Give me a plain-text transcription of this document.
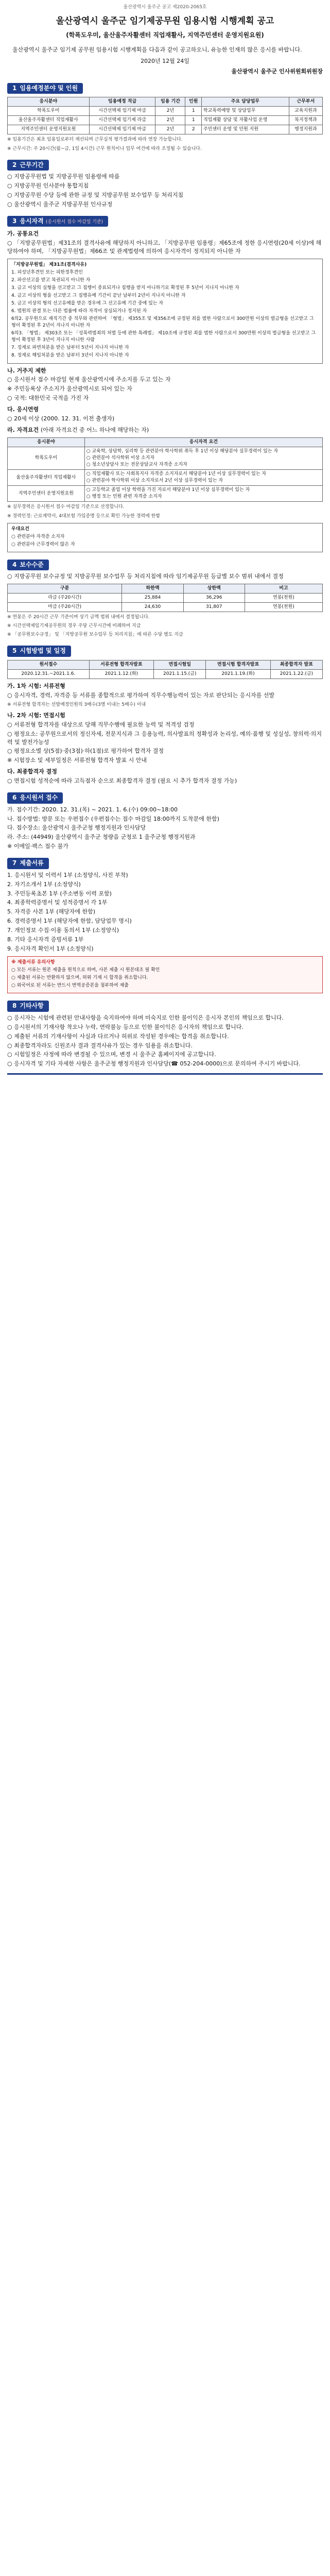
울산광역시 울주군 공고 제2020-2065호
울산광역시 울주군 임기제공무원 임용시험 시행계획 공고
(학폭도우미, 울산울주자활센터 직업재활사, 지역주민센터 운영지원요원)
울산광역시 울주군 임기제 공무원 임용시험 시행계획을 다음과 같이 공고하오니, 유능한 인재의 많은 응시를 바랍니다.
2020년 12월 24일
울산광역시 울주군 인사위원회위원장
1 임용예정분야 및 인원
응시분야	임용예정 직급	임용 기간	인원	주요 담당업무	근무부서
학폭도우미	시간선택제 임기제 마급	2년	1	학교폭력예방 및 상담업무	교육지원과
울산울주자활센터 직업재활사	시간선택제 임기제 라급	2년	1	직업재활 상담 및 자활사업 운영	복지정책과
지역주민센터 운영지원요원	시간선택제 임기제 마급	2년	2	주민센터 운영 및 민원 지원	행정지원과
※ 임용기간은 최초 임용일로부터 계산되며 근무실적 평가결과에 따라 연장 가능합니다.
※ 근무시간: 주 20시간(월~금, 1일 4시간) 근무 원칙이나 업무 여건에 따라 조정될 수 있습니다.
2 근무기간
○ 지방공무원법 및 지방공무원 임용령에 따름
○ 지방공무원 인사분야 통합지침
○ 지방공무원 수당 등에 관한 규정 및 지방공무원 보수업무 등 처리지침
○ 울산광역시 울주군 지방공무원 인사규정
3 응시자격 (응시원서 접수 마감일 기준)
가. 공통요건
○ 「지방공무원법」제31조의 결격사유에 해당하지 아니하고, 「지방공무원 임용령」제65조에 정한 응시연령(20세 이상)에 해당하여야 하며, 「지방공무원법」제66조 및 관계법령에 의하여 응시자격이 정지되지 아니한 자
「지방공무원법」 제31조(결격사유)
1. 피성년후견인 또는 피한정후견인
2. 파산선고를 받고 복권되지 아니한 자
3. 금고 이상의 실형을 선고받고 그 집행이 종료되거나 집행을 받지 아니하기로 확정된 후 5년이 지나지 아니한 자
4. 금고 이상의 형을 선고받고 그 집행유예 기간이 끝난 날부터 2년이 지나지 아니한 자
5. 금고 이상의 형의 선고유예를 받은 경우에 그 선고유예 기간 중에 있는 자
6. 법원의 판결 또는 다른 법률에 따라 자격이 상실되거나 정지된 자
6의2. 공무원으로 재직기간 중 직무와 관련하여 「형법」 제355조 및 제356조에 규정된 죄를 범한 사람으로서 300만원 이상의 벌금형을 선고받고 그 형이 확정된 후 2년이 지나지 아니한 자
6의3. 「형법」 제303조 또는 「성폭력범죄의 처벌 등에 관한 특례법」 제10조에 규정된 죄를 범한 사람으로서 300만원 이상의 벌금형을 선고받고 그 형이 확정된 후 3년이 지나지 아니한 사람
7. 징계로 파면처분을 받은 날부터 5년이 지나지 아니한 자
8. 징계로 해임처분을 받은 날부터 3년이 지나지 아니한 자
나. 거주지 제한
○ 응시원서 접수 마감일 현재 울산광역시에 주소지를 두고 있는 자
※ 주민등록상 주소지가 울산광역시로 되어 있는 자
○ 국적: 대한민국 국적을 가진 자
다. 응시연령
○ 20세 이상 (2000. 12. 31. 이전 출생자)
라. 자격요건 (아래 자격요건 중 어느 하나에 해당하는 자)
응시분야	응시자격 요건
학폭도우미	○ 교육학, 상담학, 심리학 등 관련분야 학사학위 취득 후 1년 이상 해당분야 실무경력이 있는 자
○ 관련분야 석사학위 이상 소지자
○ 청소년상담사 또는 전문상담교사 자격증 소지자
울산울주자활센터 직업재활사	○ 직업재활사 또는 사회복지사 자격증 소지자로서 해당분야 1년 이상 실무경력이 있는 자
○ 관련분야 학사학위 이상 소지자로서 2년 이상 실무경력이 있는 자
지역주민센터 운영지원요원	○ 고등학교 졸업 이상 학력을 가진 자로서 해당분야 1년 이상 실무경력이 있는 자
○ 행정 또는 민원 관련 자격증 소지자
※ 실무경력은 응시원서 접수 마감일 기준으로 산정합니다.
※ 경력인정: 근로계약서, 4대보험 가입증명 등으로 확인 가능한 경력에 한함
우대요건
○ 관련분야 자격증 소지자
○ 관련분야 근무경력이 많은 자
4 보수수준
○ 지방공무원 보수규정 및 지방공무원 보수업무 등 처리지침에 따라 임기제공무원 등급별 보수 범위 내에서 결정
구분	하한액	상한액	비고
라급 (주20시간)	25,884	36,296	연봉(천원)
마급 (주20시간)	24,630	31,807	연봉(천원)
※ 연봉은 주 20시간 근무 기준이며 상기 금액 범위 내에서 결정됩니다.
※ 시간선택제임기제공무원의 경우 주당 근무시간에 비례하여 지급
※ 「공무원보수규정」 및 「지방공무원 보수업무 등 처리지침」에 따른 수당 별도 지급
5 시험방법 및 일정
원서접수	서류전형 합격자발표	면접시험일	면접시험 합격자발표	최종합격자 발표
2020.12.31.~2021.1.6.	2021.1.12.(화)	2021.1.15.(금)	2021.1.19.(화)	2021.1.22.(금)
가. 1차 시험: 서류전형
○ 응시자격, 경력, 자격증 등 서류를 종합적으로 평가하여 직무수행능력이 있는 자로 판단되는 응시자를 선발
※ 서류전형 합격자는 선발예정인원의 3배수(3명 이내는 5배수) 이내
나. 2차 시험: 면접시험
○ 서류전형 합격자를 대상으로 당해 직무수행에 필요한 능력 및 적격성 검정
○ 평정요소: 공무원으로서의 정신자세, 전문지식과 그 응용능력, 의사발표의 정확성과 논리성, 예의·품행 및 성실성, 창의력·의지력 및 발전가능성
○ 평정요소별 상(5점)·중(3점)·하(1점)로 평가하여 합격자 결정
※ 시험장소 및 세부일정은 서류전형 합격자 발표 시 안내
다. 최종합격자 결정
○ 면접시험 성적순에 따라 고득점자 순으로 최종합격자 결정 (필요 시 추가 합격자 결정 가능)
6 응시원서 접수
가. 접수기간: 2020. 12. 31.(목) ~ 2021. 1. 6.(수) 09:00~18:00
나. 접수방법: 방문 또는 우편접수 (우편접수는 접수 마감일 18:00까지 도착분에 한함)
다. 접수장소: 울산광역시 울주군청 행정지원과 인사담당
라. 주소: (44949) 울산광역시 울주군 청량읍 군청로 1 울주군청 행정지원과
※ 이메일·팩스 접수 불가
7 제출서류
1. 응시원서 및 이력서 1부 (소정양식, 사진 부착)
2. 자기소개서 1부 (소정양식)
3. 주민등록초본 1부 (주소변동 이력 포함)
4. 최종학력증명서 및 성적증명서 각 1부
5. 자격증 사본 1부 (해당자에 한함)
6. 경력증명서 1부 (해당자에 한함, 담당업무 명시)
7. 개인정보 수집·이용 동의서 1부 (소정양식)
8. 기타 응시자격 증빙서류 1부
9. 응시자격 확인서 1부 (소정양식)
※ 제출서류 유의사항
○ 모든 서류는 원본 제출을 원칙으로 하며, 사본 제출 시 원본대조 필 확인
○ 제출된 서류는 반환하지 않으며, 허위 기재 시 합격을 취소합니다.
○ 외국어로 된 서류는 반드시 번역공증본을 첨부하여 제출
8 기타사항
○ 응시자는 시험에 관련된 안내사항을 숙지하여야 하며 미숙지로 인한 불이익은 응시자 본인의 책임으로 합니다.
○ 응시원서의 기재사항 착오나 누락, 연락불능 등으로 인한 불이익은 응시자의 책임으로 합니다.
○ 제출된 서류의 기재사항이 사실과 다르거나 허위로 작성된 경우에는 합격을 취소합니다.
○ 최종합격자라도 신원조사 결과 결격사유가 있는 경우 임용을 취소합니다.
○ 시험일정은 사정에 따라 변경될 수 있으며, 변경 시 울주군 홈페이지에 공고합니다.
○ 응시자격 및 기타 자세한 사항은 울주군청 행정지원과 인사담당(☎ 052-204-0000)으로 문의하여 주시기 바랍니다.
